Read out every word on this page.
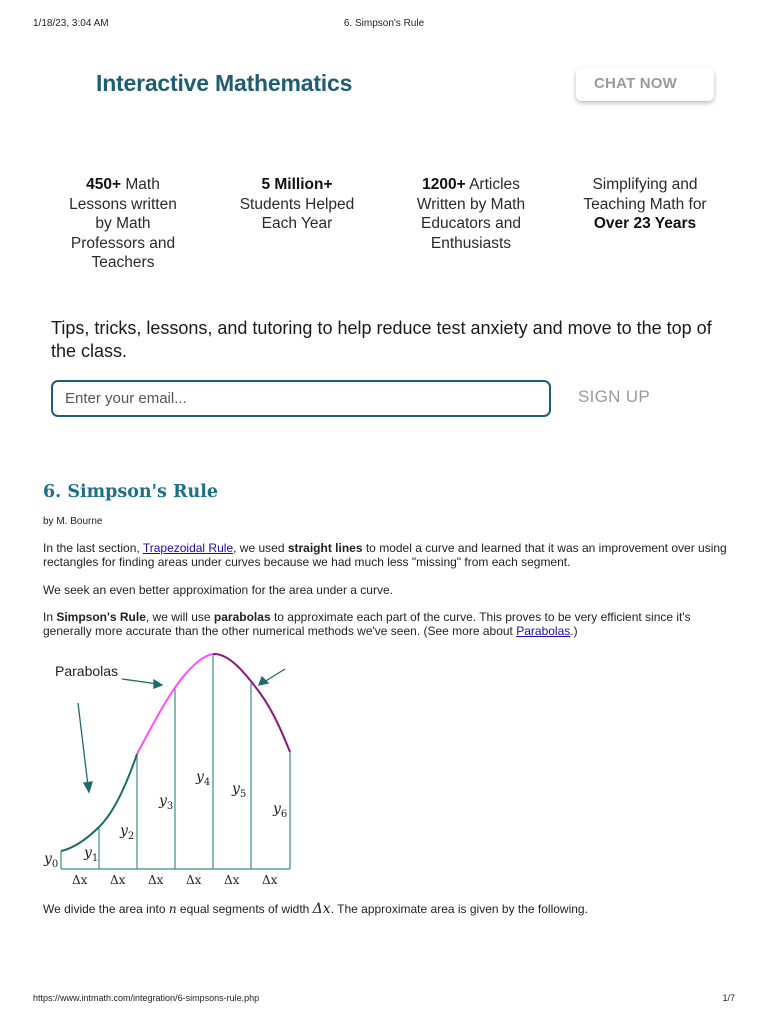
1/18/23, 3:04 AM	6. Simpson's Rule
Interactive Mathematics	CHAT NOW
450+ Math
Lessons written by Math Professors and Teachers
5 Million+
Students Helped Each Year
1200+ Articles
Written by Math Educators and Enthusiasts
Simplifying and Teaching Math forOver 23 Years
Tips, tricks, lessons, and tutoring to help reduce test anxiety and move to the top of the class.
Enter your email...
SIGN UP
6. Simpson's Rule
by M. Bourne

In the last section, Trapezoidal Rule, we used straight lines to model a curve and learned that it was an improvement over using rectangles for finding areas under curves because we had much less "missing" from each segment.

We seek an even better approximation for the area under a curve.

In Simpson's Rule, we will use parabolas to approximate each part of the curve. This proves to be very efficient since it's generally more accurate than the other numerical methods we've seen. (See more about Parabolas.)

Parabolas
$y_0$
$y_1$
$y_2$
$y_3$
$y_4$ $y_5$
$y_6$
Δx Δx Δx Δx Δx Δx

We divide the area into n equal segments of width Δx. The approximate area is given by the following.

https://www.intmath.com/integration/6-simpsons-rule.php	1/7
